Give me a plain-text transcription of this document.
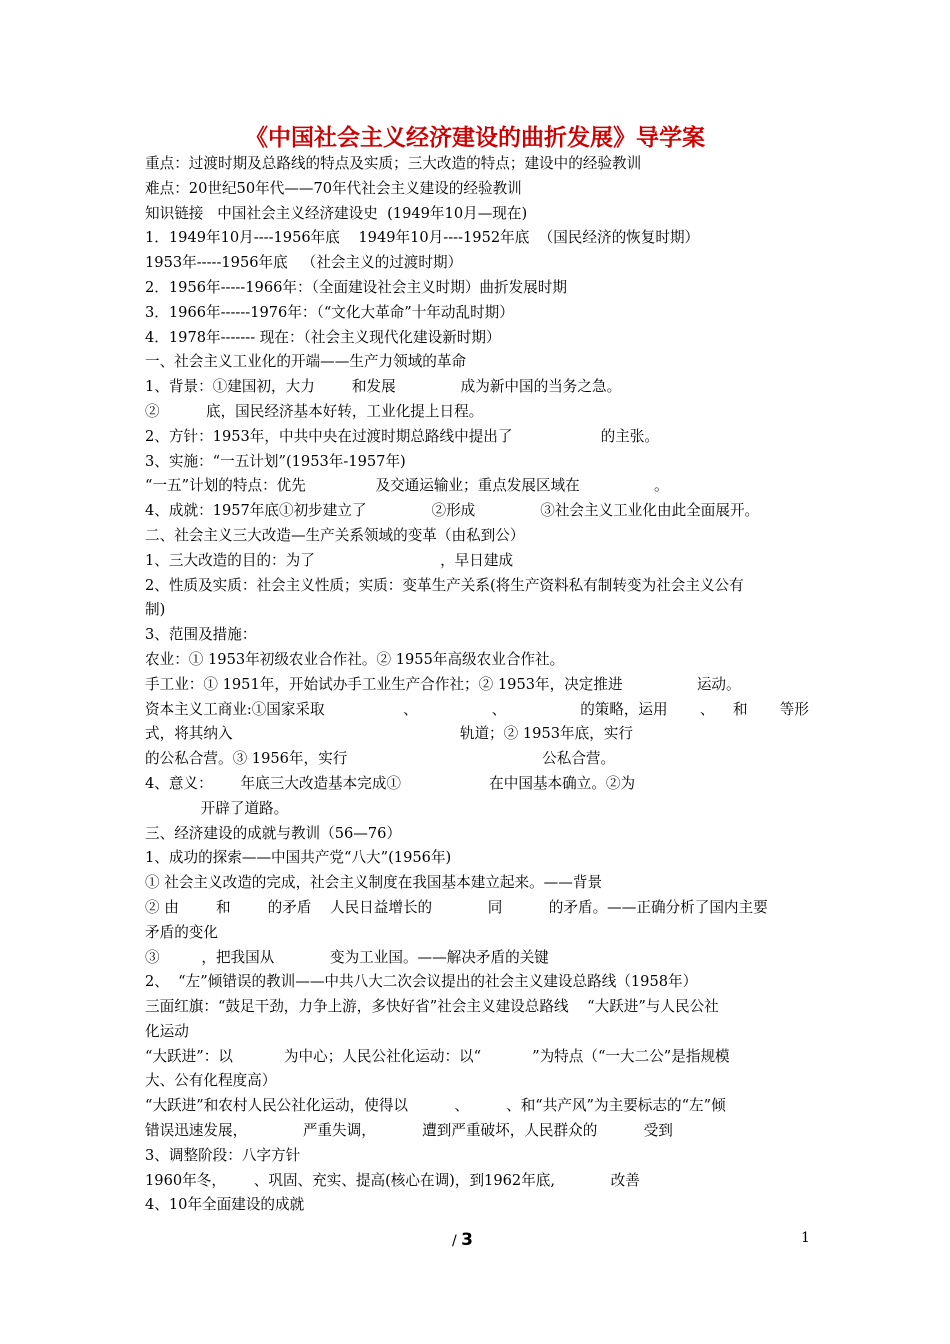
《中国社会主义经济建设的曲折发展》导学案
重点：过渡时期及总路线的特点及实质；三大改造的特点；建设中的经验教训
难点：20世纪50年代——70年代社会主义建设的经验教训
知识链接   中国社会主义经济建设史  (1949年10月—现在)
1．1949年10月----1956年底    1949年10月----1952年底  （国民经济的恢复时期）
1953年-----1956年底   （社会主义的过渡时期）
2．1956年-----1966年：（全面建设社会主义时期）曲折发展时期
3．1966年------1976年：（“文化大革命”十年动乱时期）
4．1978年------- 现在：（社会主义现代化建设新时期）
一、社会主义工业化的开端——生产力领域的革命
1、背景：①建国初，大力        和发展              成为新中国的当务之急。
②          底，国民经济基本好转，工业化提上日程。
2、方针：1953年，中共中央在过渡时期总路线中提出了                   的主张。
3、实施：“一五计划”(1953年-1957年)
“一五”计划的特点：优先               及交通运输业；重点发展区域在                。
4、成就：1957年底①初步建立了              ②形成              ③社会主义工业化由此全面展开。
二、社会主义三大改造—生产关系领域的变革（由私到公）
1、三大改造的目的：为了                           ，早日建成
2、性质及实质：社会主义性质；实质：变革生产关系(将生产资料私有制转变为社会主义公有
制)
3、范围及措施：
农业：① 1953年初级农业合作社。② 1955年高级农业合作社。
手工业：① 1951年，开始试办手工业生产合作社；② 1953年，决定推进                运动。
资本主义工商业:①国家采取                 、                、                的策略，运用       、    和       等形
式，将其纳入                                                 轨道；② 1953年底，实行
的公私合营。③ 1956年，实行                                          公私合营。
4、意义：      年底三大改造基本完成①                   在中国基本确立。②为
开辟了道路。
三、经济建设的成就与教训（56—76）
1、成功的探索——中国共产党“八大”(1956年)
① 社会主义改造的完成，社会主义制度在我国基本建立起来。——背景
② 由        和        的矛盾    人民日益增长的            同          的矛盾。——正确分析了国内主要
矛盾的变化
③         ，把我国从            变为工业国。——解决矛盾的关键
2、  “左”倾错误的教训——中共八大二次会议提出的社会主义建设总路线（1958年）
三面红旗：“鼓足干劲，力争上游，多快好省”社会主义建设总路线    “大跃进”与人民公社
化运动
“大跃进”：以           为中心；人民公社化运动：以“           ”为特点（“一大二公”是指规模
大、公有化程度高）
“大跃进”和农村人民公社化运动，使得以          、        、和“共产风”为主要标志的“左”倾
错误迅速发展，            严重失调，          遭到严重破坏，人民群众的          受到
3、调整阶段：八字方针
1960年冬，      、巩固、充实、提高(核心在调)，到1962年底,            改善
4、10年全面建设的成就
/ 3	1
